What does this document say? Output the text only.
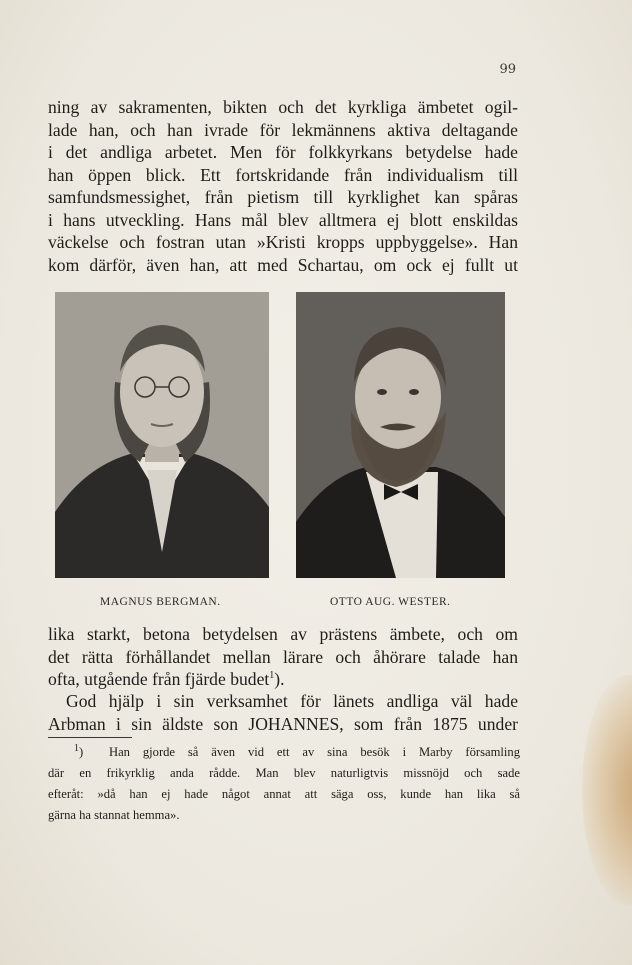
99

ning av sakramenten, bikten och det kyrkliga ämbetet ogil-
lade han, och han ivrade för lekmännens aktiva deltagande
i det andliga arbetet. Men för folkkyrkans betydelse hade
han öppen blick. Ett fortskridande från individualism till
samfundsmessighet, från pietism till kyrklighet kan spåras
i hans utveckling. Hans mål blev alltmera ej blott enskildas
väckelse och fostran utan »Kristi kropps uppbyggelse». Han
kom därför, även han, att med Schartau, om ock ej fullt ut

MAGNUS BERGMAN.	OTTO AUG. WESTER.

lika starkt, betona betydelsen av prästens ämbete, och om
det rätta förhållandet mellan lärare och åhörare talade han
ofta, utgående från fjärde budet$^1$).

God hjälp i sin verksamhet för länets andliga väl hade
Arbman i sin äldste son JOHANNES, som från 1875 under

$^1$) Han gjorde så även vid ett av sina besök i Marby församling
där en frikyrklig anda rådde. Man blev naturligtvis missnöjd och sade
efteråt: »då han ej hade något annat att säga oss, kunde han lika så
gärna ha stannat hemma».
